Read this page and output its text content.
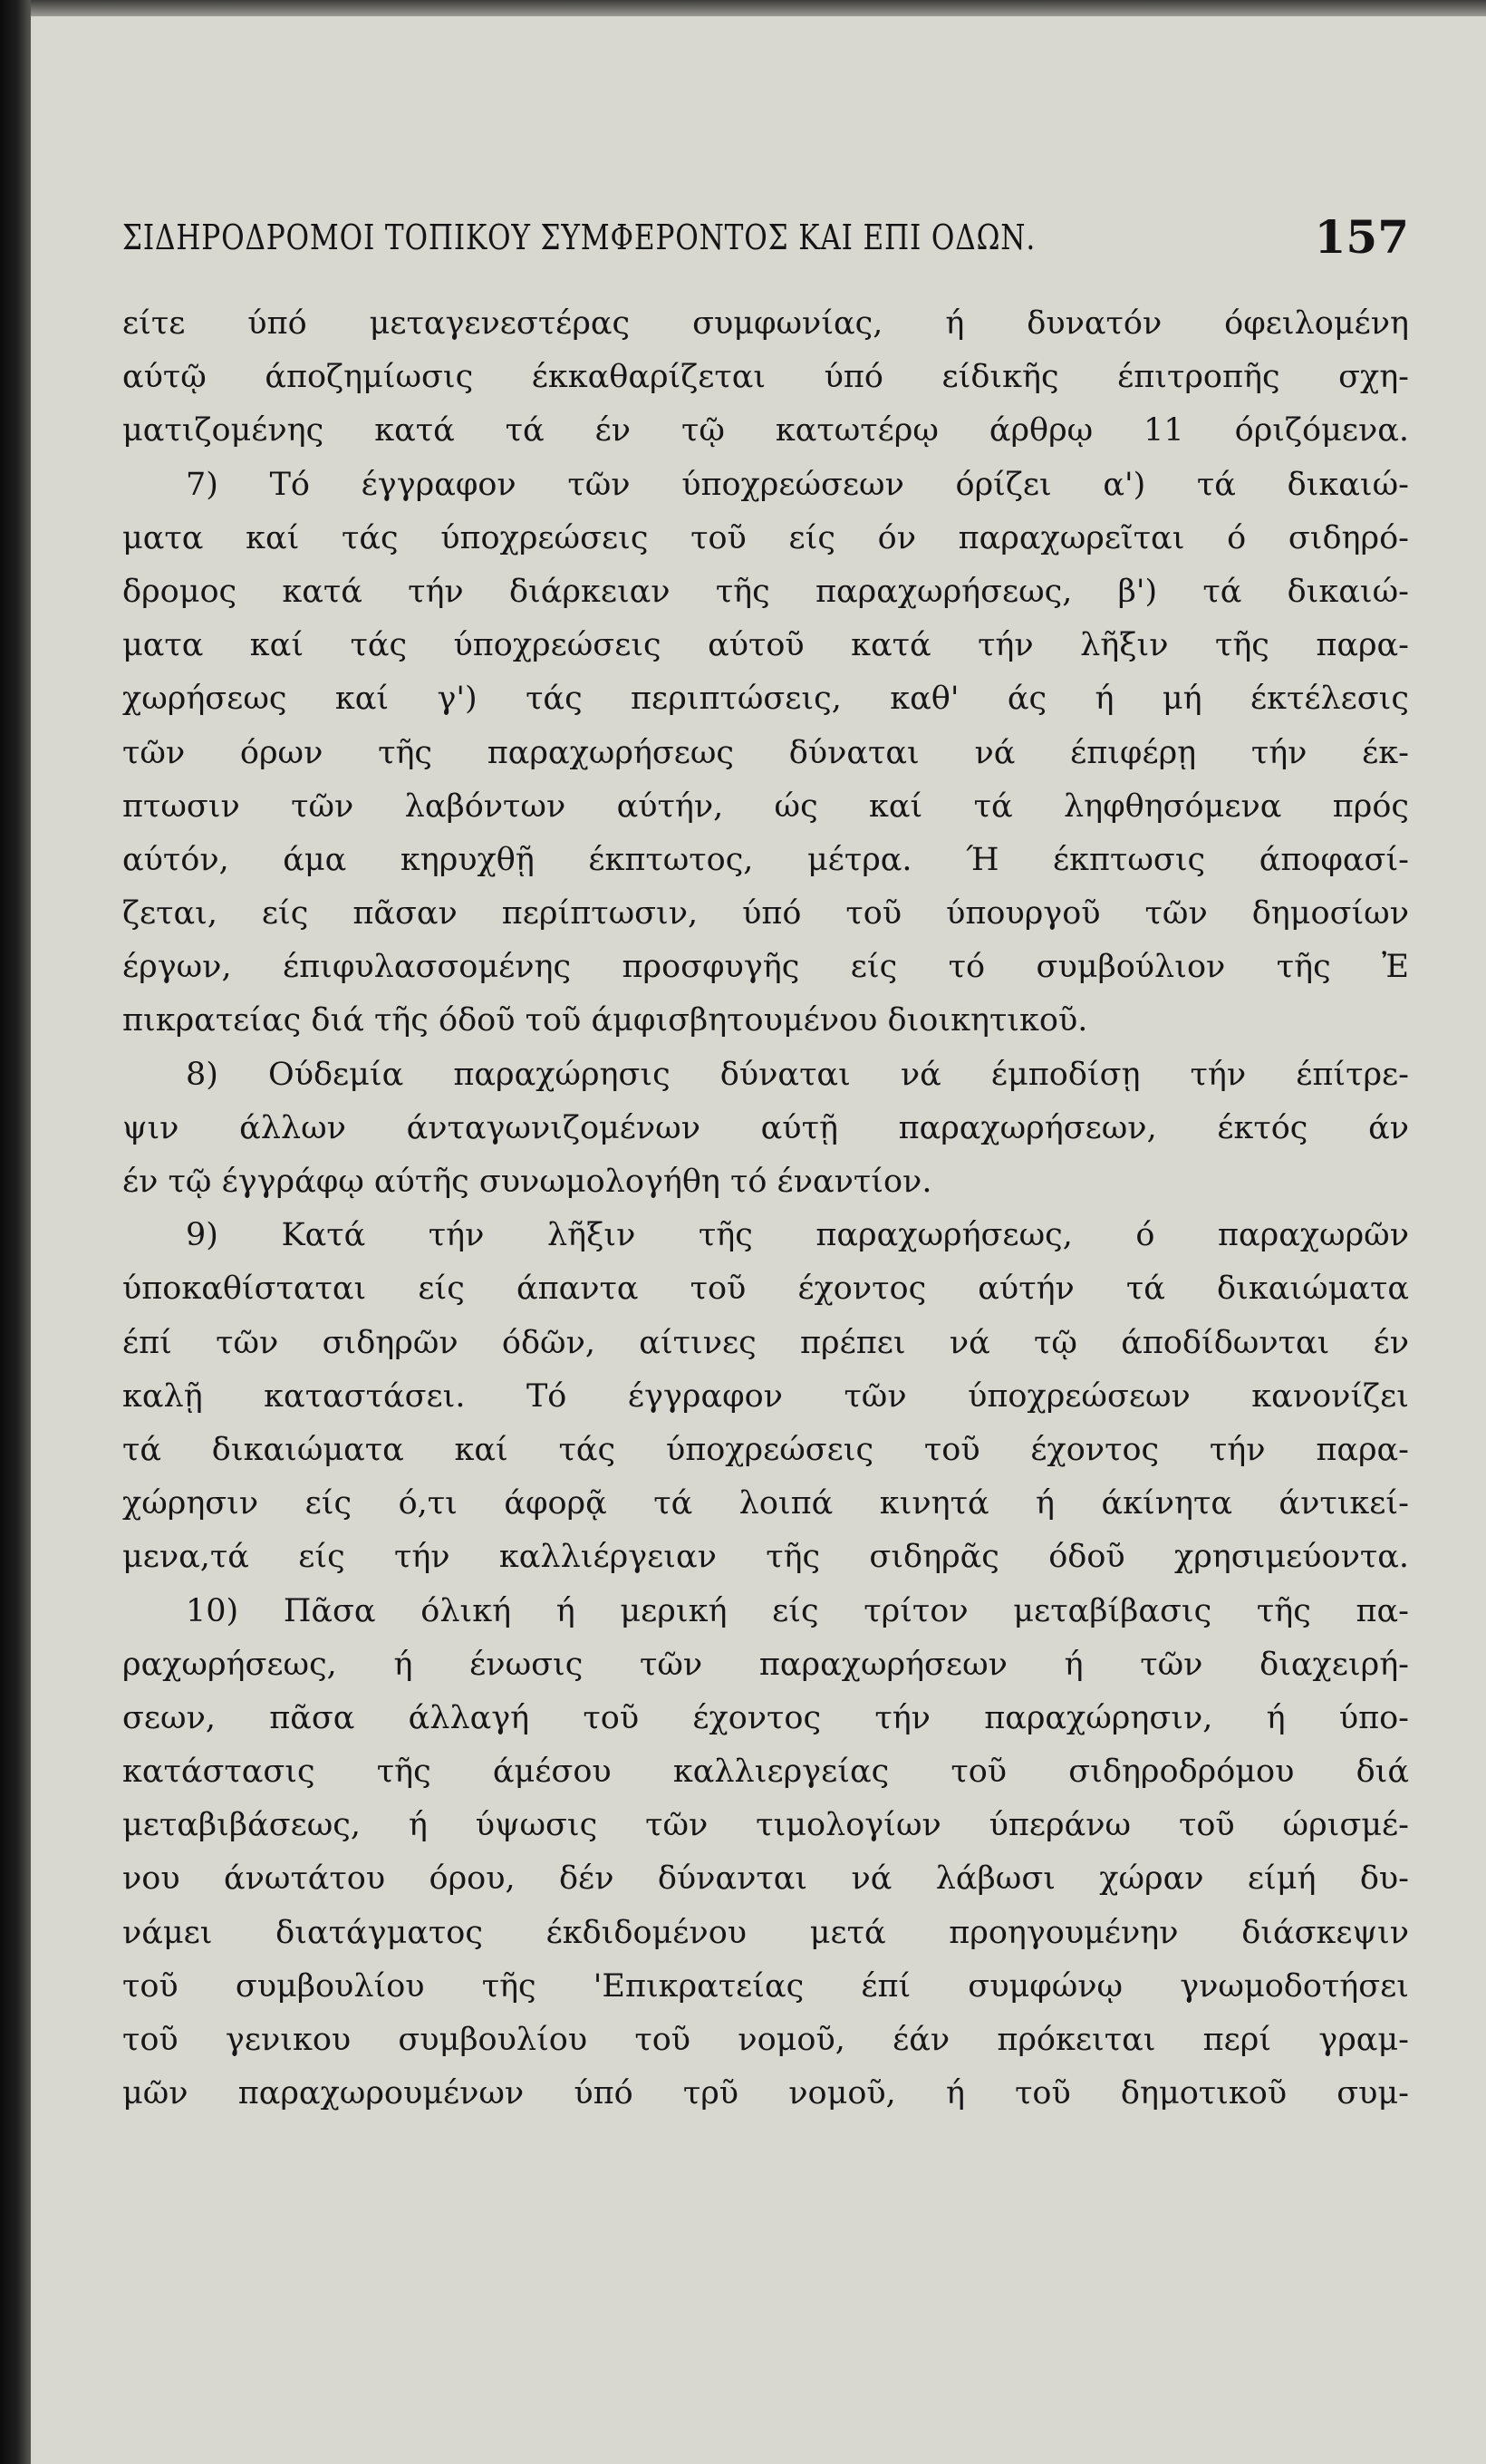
ΣΙΔΗΡΟΔΡΟΜΟΙ ΤΟΠΙΚΟΥ ΣΥΜΦΕΡΟΝΤΟΣ ΚΑΙ ΕΠΙ ΟΔΩΝ.	157
είτε ύπό μεταγενεστέρας συμφωνίας, ή δυνατόν όφειλομένη
αύτῷ άποζημίωσις έκκαθαρίζεται ύπό είδικῆς έπιτροπῆς σχη-
ματιζομένης κατά τά έν τῷ κατωτέρῳ άρθρῳ 11 όριζόμενα.
7) Τό έγγραφον τῶν ύποχρεώσεων όρίζει α') τά δικαιώ-
ματα καί τάς ύποχρεώσεις τοῦ είς όν παραχωρεῖται ό σιδηρό-
δρομος κατά τήν διάρκειαν τῆς παραχωρήσεως, β') τά δικαιώ-
ματα καί τάς ύποχρεώσεις αύτοῦ κατά τήν λῆξιν τῆς παρα-
χωρήσεως καί γ') τάς περιπτώσεις, καθ' άς ή μή έκτέλεσις
τῶν όρων τῆς παραχωρήσεως δύναται νά έπιφέρῃ τήν έκ-
πτωσιν τῶν λαβόντων αύτήν, ώς καί τά ληφθησόμενα πρός
αύτόν, άμα κηρυχθῇ έκπτωτος, μέτρα. Ή έκπτωσις άποφασί-
ζεται, είς πᾶσαν περίπτωσιν, ύπό τοῦ ύπουργοῦ τῶν δημοσίων
έργων, έπιφυλασσομένης προσφυγῆς είς τό συμβούλιον τῆς Ἐ
πικρατείας διά τῆς όδοῦ τοῦ άμφισβητουμένου διοικητικοῦ.
8) Ούδεμία παραχώρησις δύναται νά έμποδίσῃ τήν έπίτρε-
ψιν άλλων άνταγωνιζομένων αύτῇ παραχωρήσεων, έκτός άν
έν τῷ έγγράφῳ αύτῆς συνωμολογήθη τό έναντίον.
9) Κατά τήν λῆξιν τῆς παραχωρήσεως, ό παραχωρῶν
ύποκαθίσταται είς άπαντα τοῦ έχοντος αύτήν τά δικαιώματα
έπί τῶν σιδηρῶν όδῶν, αίτινες πρέπει νά τῷ άποδίδωνται έν
καλῇ καταστάσει. Τό έγγραφον τῶν ύποχρεώσεων κανονίζει
τά δικαιώματα καί τάς ύποχρεώσεις τοῦ έχοντος τήν παρα-
χώρησιν είς ό,τι άφορᾷ τά λοιπά κινητά ή άκίνητα άντικεί-
μενα,τά είς τήν καλλιέργειαν τῆς σιδηρᾶς όδοῦ χρησιμεύοντα.
10) Πᾶσα όλική ή μερική είς τρίτον μεταβίβασις τῆς πα-
ραχωρήσεως, ή ένωσις τῶν παραχωρήσεων ή τῶν διαχειρή-
σεων, πᾶσα άλλαγή τοῦ έχοντος τήν παραχώρησιν, ή ύπο-
κατάστασις τῆς άμέσου καλλιεργείας τοῦ σιδηροδρόμου διά
μεταβιβάσεως, ή ύψωσις τῶν τιμολογίων ύπεράνω τοῦ ώρισμέ-
νου άνωτάτου όρου, δέν δύνανται νά λάβωσι χώραν είμή δυ-
νάμει διατάγματος έκδιδομένου μετά προηγουμένην διάσκεψιν
τοῦ συμβουλίου τῆς 'Επικρατείας έπί συμφώνῳ γνωμοδοτήσει
τοῦ γενικου συμβουλίου τοῦ νομοῦ, έάν πρόκειται περί γραμ-
μῶν παραχωρουμένων ύπό τρῦ νομοῦ, ή τοῦ δημοτικοῦ συμ-
